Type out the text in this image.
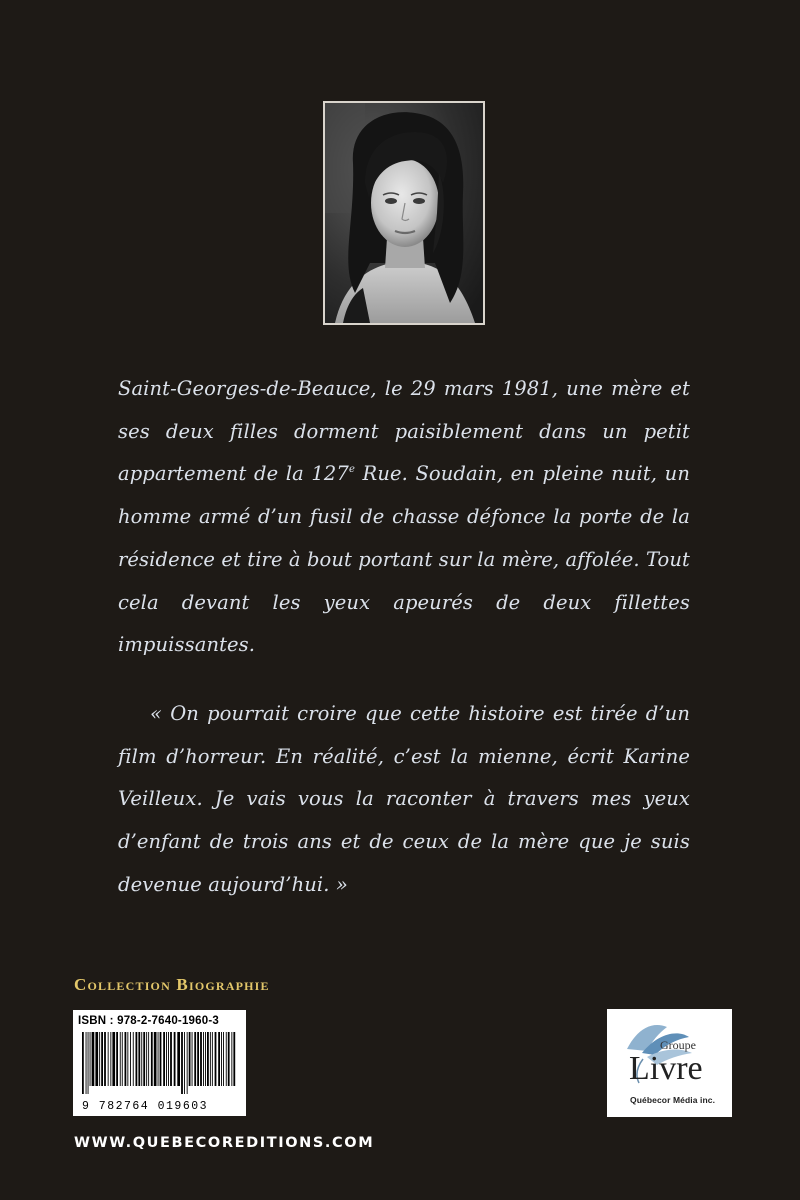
Saint-Georges-de-Beauce, le 29 mars 1981, une mère et ses deux filles dorment paisiblement dans un petit appartement de la 127e Rue. Soudain, en pleine nuit, un homme armé d’un fusil de chasse défonce la porte de la résidence et tire à bout portant sur la mère, affolée. Tout cela devant les yeux apeurés de deux fillettes impuissantes.

« On pourrait croire que cette histoire est tirée d’un film d’horreur. En réalité, c’est la mienne, écrit Karine Veilleux. Je vais vous la raconter à travers mes yeux d’enfant de trois ans et de ceux de la mère que je suis devenue aujourd’hui. »

Collection Biographie
ISBN : 978-2-7640-1960-3
9 782764 019603
Groupe
Livre
Québecor Média inc.
WWW.QUEBECOREDITIONS.COM
